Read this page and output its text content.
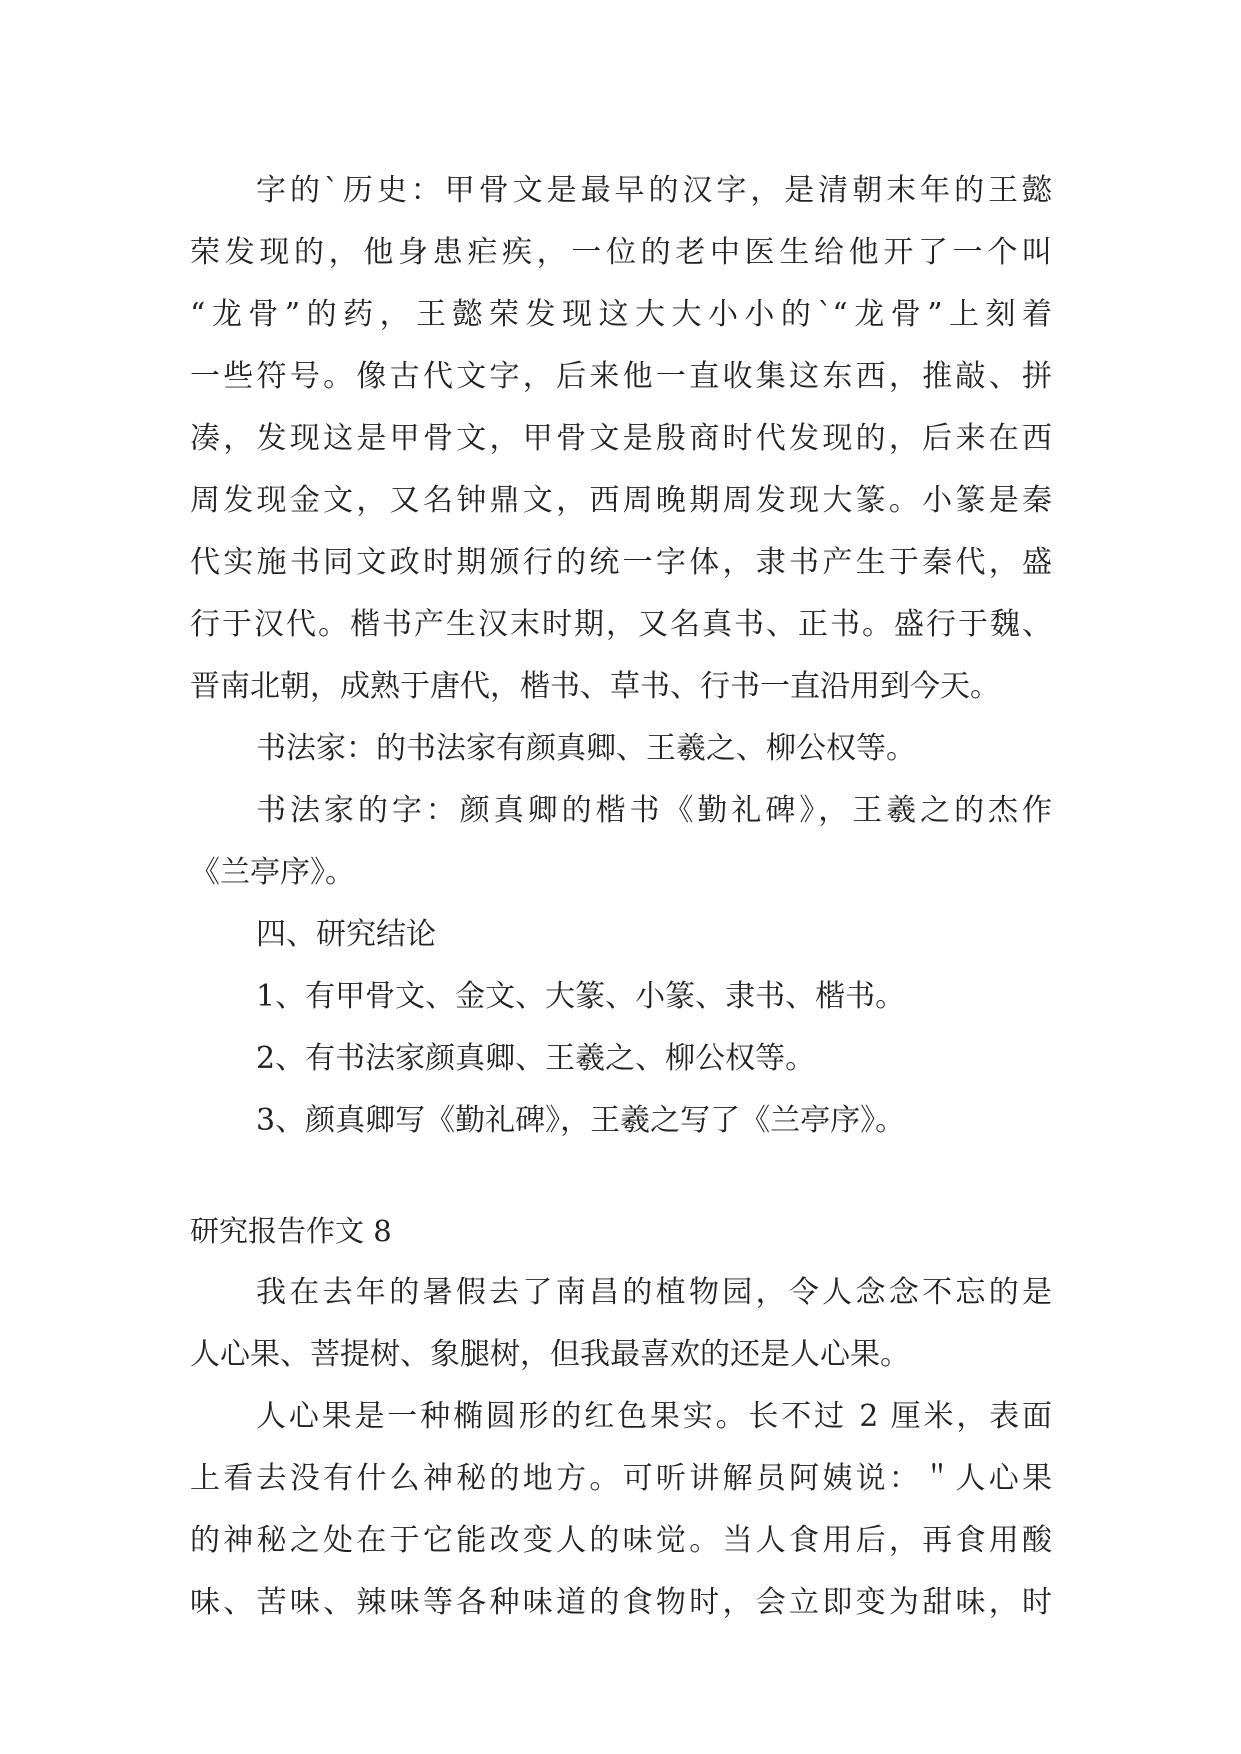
字的`历史：甲骨文是最早的汉字，是清朝末年的王懿
荣发现的，他身患疟疾，一位的老中医生给他开了一个叫
“龙骨”的药，王懿荣发现这大大小小的`“龙骨”上刻着
一些符号。像古代文字，后来他一直收集这东西，推敲、拼
凑，发现这是甲骨文，甲骨文是殷商时代发现的，后来在西
周发现金文，又名钟鼎文，西周晚期周发现大篆。小篆是秦
代实施书同文政时期颁行的统一字体，隶书产生于秦代，盛
行于汉代。楷书产生汉末时期，又名真书、正书。盛行于魏、
晋南北朝，成熟于唐代，楷书、草书、行书一直沿用到今天。
书法家：的书法家有颜真卿、王羲之、柳公权等。
书法家的字：颜真卿的楷书《勤礼碑》，王羲之的杰作
《兰亭序》。
四、研究结论
1、有甲骨文、金文、大篆、小篆、隶书、楷书。
2、有书法家颜真卿、王羲之、柳公权等。
3、颜真卿写《勤礼碑》，王羲之写了《兰亭序》。
研究报告作文 8
我在去年的暑假去了南昌的植物园，令人念念不忘的是
人心果、菩提树、象腿树，但我最喜欢的还是人心果。
人心果是一种椭圆形的红色果实。长不过 2 厘米，表面
上看去没有什么神秘的地方。可听讲解员阿姨说：＂人心果
的神秘之处在于它能改变人的味觉。当人食用后，再食用酸
味、苦味、辣味等各种味道的食物时，会立即变为甜味，时
